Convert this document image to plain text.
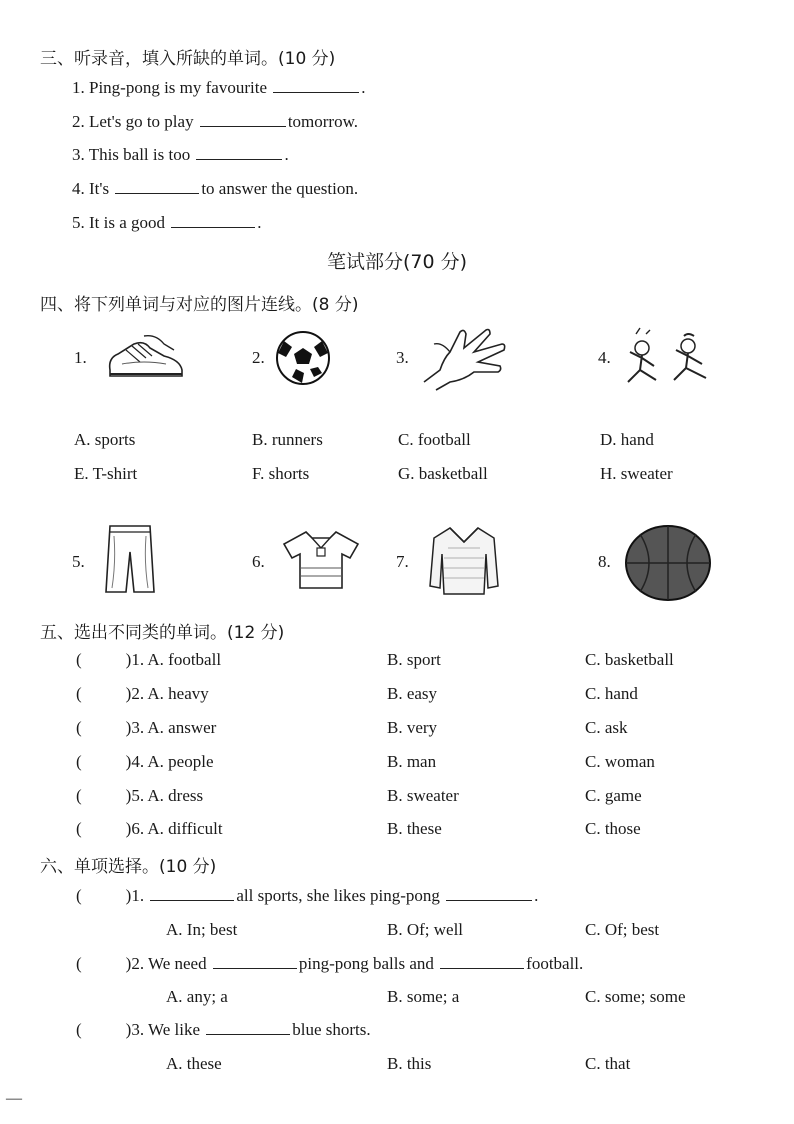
三、听录音，填入所缺的单词。(10 分)
1. Ping-pong is my favourite	.
2. Let's go to play	tomorrow.
3. This ball is too	.
4. It's	to answer the question.
5. It is a good	.
笔试部分(70 分)
四、将下列单词与对应的图片连线。(8 分)
1.	2.	3.	4.
A. sports	B. runners	C. football	D. hand
E. T-shirt	F. shorts	G. basketball	H. sweater
5.	6.	7.	8.
五、选出不同类的单词。(12 分)
(	)1. A. football	B. sport	C. basketball
(	)2. A. heavy	B. easy	C. hand
(	)3. A. answer	B. very	C. ask
(	)4. A. people	B. man	C. woman
(	)5. A. dress	B. sweater	C. game
(	)6. A. difficult	B. these	C. those
六、单项选择。(10 分)
(	)1.	all sports, she likes ping-pong	.
A. In; best	B. Of; well	C. Of; best
(	)2. We need	ping-pong balls and	football.
A. any; a	B. some; a	C. some; some
(	)3. We like	blue shorts.
A. these	B. this	C. that
—
